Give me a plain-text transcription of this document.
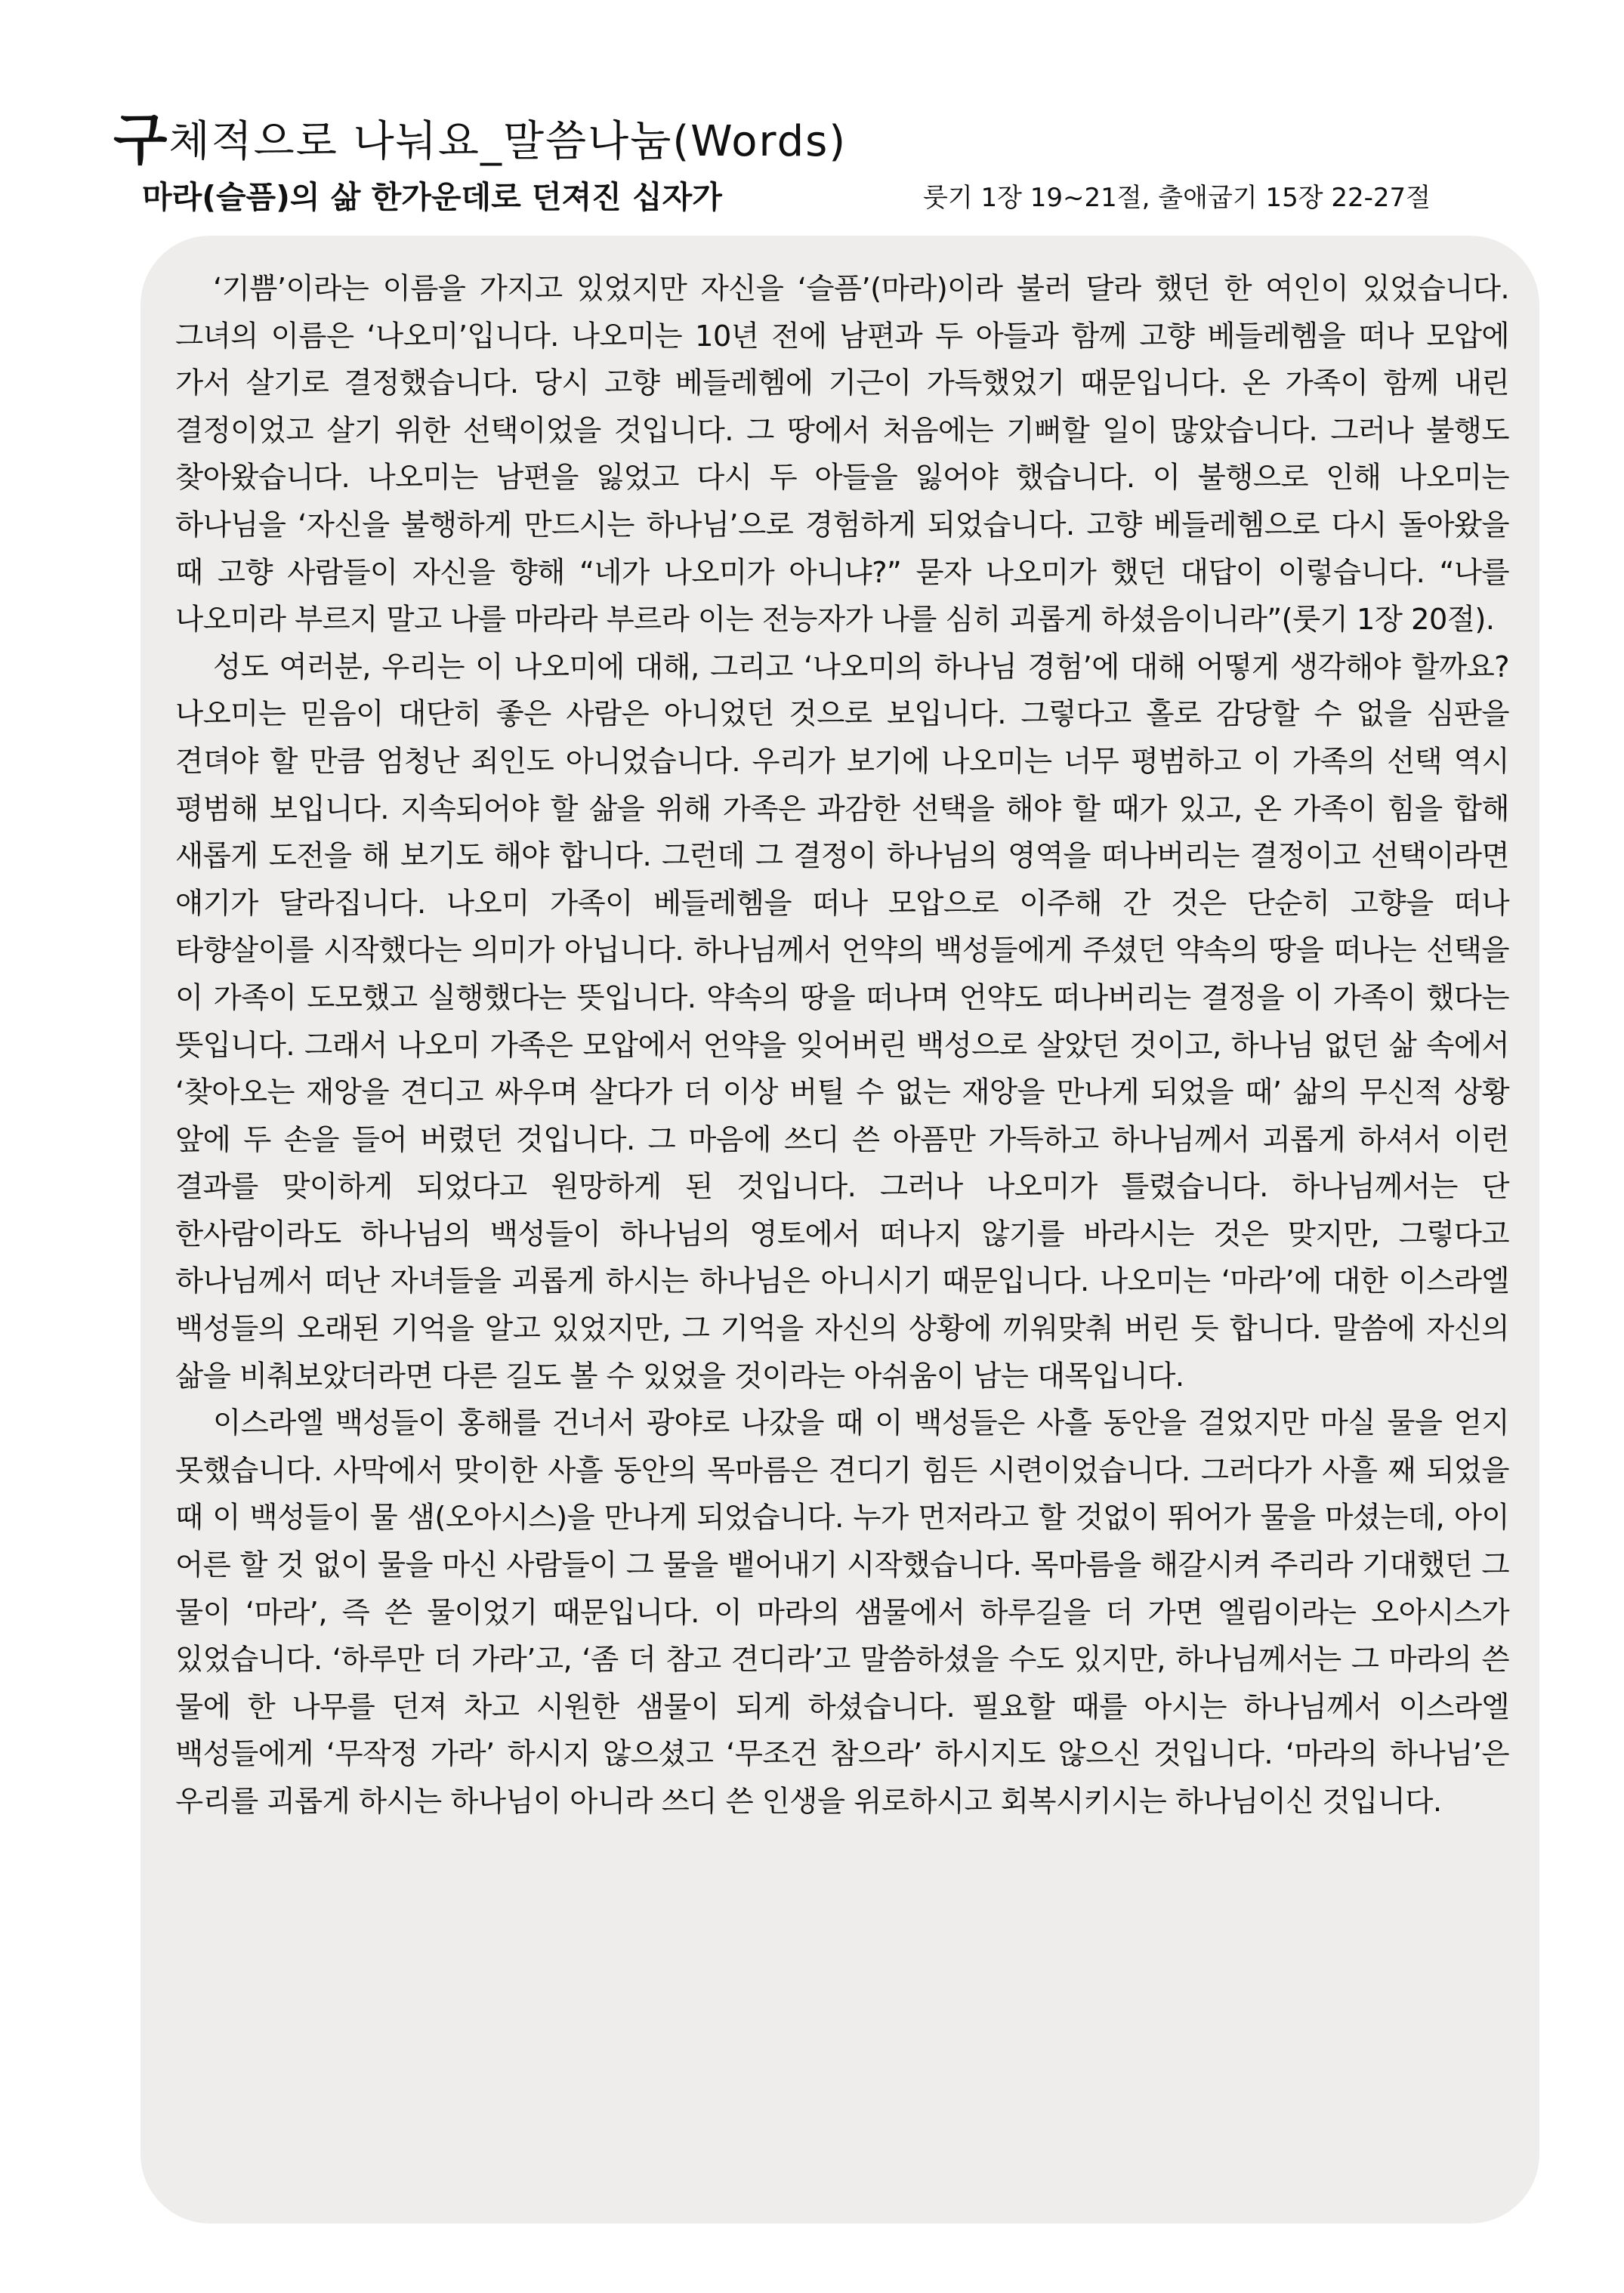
구체적으로 나눠요_말씀나눔(Words)
마라(슬픔)의 삶 한가운데로 던져진 십자가	룻기 1장 19~21절, 출애굽기 15장 22-27절

‘기쁨’이라는 이름을 가지고 있었지만 자신을 ‘슬픔’(마라)이라 불러 달라 했던 한 여인이 있었습니다. 그녀의 이름은 ‘나오미’입니다. 나오미는 10년 전에 남편과 두 아들과 함께 고향 베들레헴을 떠나 모압에 가서 살기로 결정했습니다. 당시 고향 베들레헴에 기근이 가득했었기 때문입니다. 온 가족이 함께 내린 결정이었고 살기 위한 선택이었을 것입니다. 그 땅에서 처음에는 기뻐할 일이 많았습니다. 그러나 불행도 찾아왔습니다. 나오미는 남편을 잃었고 다시 두 아들을 잃어야 했습니다. 이 불행으로 인해 나오미는 하나님을 ‘자신을 불행하게 만드시는 하나님’으로 경험하게 되었습니다. 고향 베들레헴으로 다시 돌아왔을 때 고향 사람들이 자신을 향해 “네가 나오미가 아니냐?” 묻자 나오미가 했던 대답이 이렇습니다. “나를 나오미라 부르지 말고 나를 마라라 부르라 이는 전능자가 나를 심히 괴롭게 하셨음이니라”(룻기 1장 20절).

성도 여러분, 우리는 이 나오미에 대해, 그리고 ‘나오미의 하나님 경험’에 대해 어떻게 생각해야 할까요? 나오미는 믿음이 대단히 좋은 사람은 아니었던 것으로 보입니다. 그렇다고 홀로 감당할 수 없을 심판을 견뎌야 할 만큼 엄청난 죄인도 아니었습니다. 우리가 보기에 나오미는 너무 평범하고 이 가족의 선택 역시 평범해 보입니다. 지속되어야 할 삶을 위해 가족은 과감한 선택을 해야 할 때가 있고, 온 가족이 힘을 합해 새롭게 도전을 해 보기도 해야 합니다. 그런데 그 결정이 하나님의 영역을 떠나버리는 결정이고 선택이라면 얘기가 달라집니다. 나오미 가족이 베들레헴을 떠나 모압으로 이주해 간 것은 단순히 고향을 떠나 타향살이를 시작했다는 의미가 아닙니다. 하나님께서 언약의 백성들에게 주셨던 약속의 땅을 떠나는 선택을 이 가족이 도모했고 실행했다는 뜻입니다. 약속의 땅을 떠나며 언약도 떠나버리는 결정을 이 가족이 했다는 뜻입니다. 그래서 나오미 가족은 모압에서 언약을 잊어버린 백성으로 살았던 것이고, 하나님 없던 삶 속에서 ‘찾아오는 재앙을 견디고 싸우며 살다가 더 이상 버틸 수 없는 재앙을 만나게 되었을 때’ 삶의 무신적 상황 앞에 두 손을 들어 버렸던 것입니다. 그 마음에 쓰디 쓴 아픔만 가득하고 하나님께서 괴롭게 하셔서 이런 결과를 맞이하게 되었다고 원망하게 된 것입니다. 그러나 나오미가 틀렸습니다. 하나님께서는 단 한사람이라도 하나님의 백성들이 하나님의 영토에서 떠나지 않기를 바라시는 것은 맞지만, 그렇다고 하나님께서 떠난 자녀들을 괴롭게 하시는 하나님은 아니시기 때문입니다. 나오미는 ‘마라’에 대한 이스라엘 백성들의 오래된 기억을 알고 있었지만, 그 기억을 자신의 상황에 끼워맞춰 버린 듯 합니다. 말씀에 자신의 삶을 비춰보았더라면 다른 길도 볼 수 있었을 것이라는 아쉬움이 남는 대목입니다.

이스라엘 백성들이 홍해를 건너서 광야로 나갔을 때 이 백성들은 사흘 동안을 걸었지만 마실 물을 얻지 못했습니다. 사막에서 맞이한 사흘 동안의 목마름은 견디기 힘든 시련이었습니다. 그러다가 사흘 째 되었을 때 이 백성들이 물 샘(오아시스)을 만나게 되었습니다. 누가 먼저라고 할 것없이 뛰어가 물을 마셨는데, 아이 어른 할 것 없이 물을 마신 사람들이 그 물을 뱉어내기 시작했습니다. 목마름을 해갈시켜 주리라 기대했던 그 물이 ‘마라’, 즉 쓴 물이었기 때문입니다. 이 마라의 샘물에서 하루길을 더 가면 엘림이라는 오아시스가 있었습니다. ‘하루만 더 가라’고, ‘좀 더 참고 견디라’고 말씀하셨을 수도 있지만, 하나님께서는 그 마라의 쓴 물에 한 나무를 던져 차고 시원한 샘물이 되게 하셨습니다. 필요할 때를 아시는 하나님께서 이스라엘 백성들에게 ‘무작정 가라’ 하시지 않으셨고 ‘무조건 참으라’ 하시지도 않으신 것입니다. ‘마라의 하나님’은 우리를 괴롭게 하시는 하나님이 아니라 쓰디 쓴 인생을 위로하시고 회복시키시는 하나님이신 것입니다.
